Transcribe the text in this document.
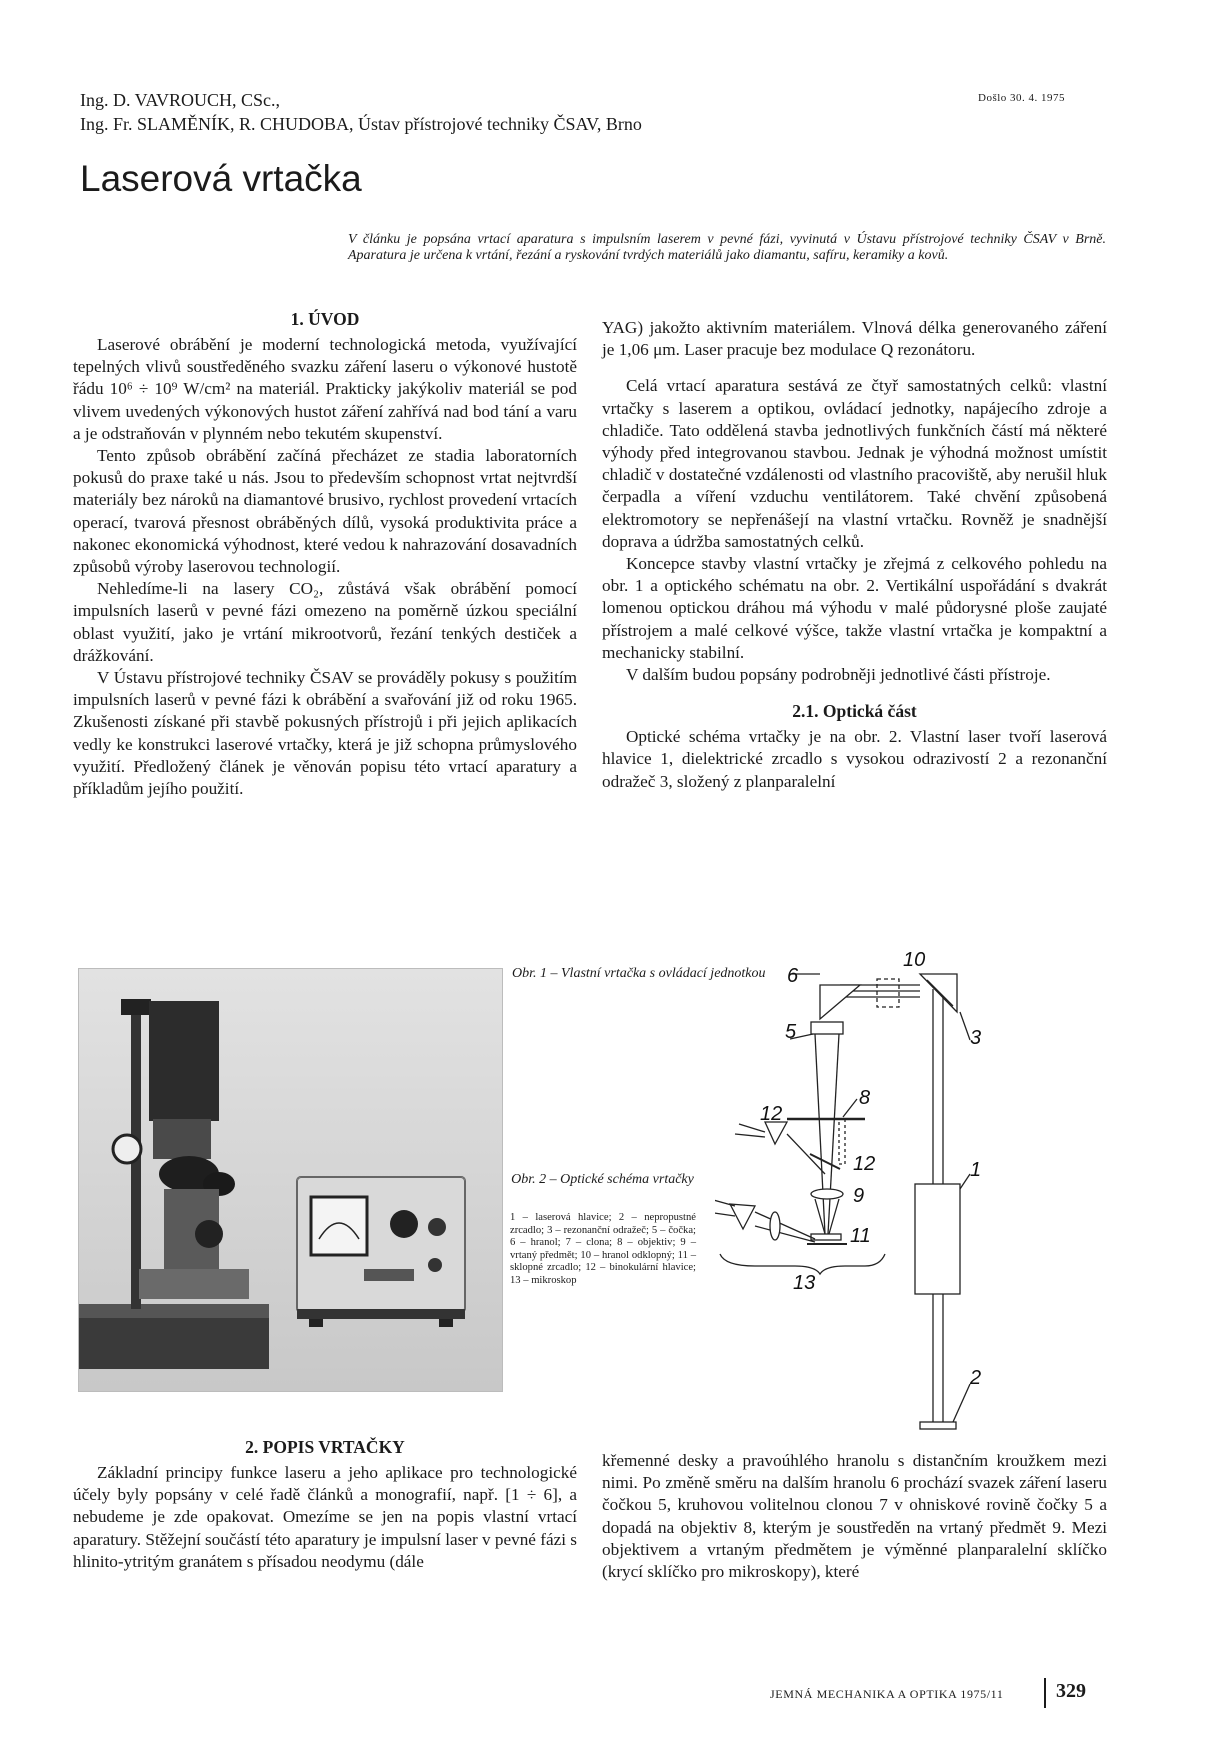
Ing. D. VAVROUCH, CSc.,
Ing. Fr. SLAMĚNÍK, R. CHUDOBA, Ústav přístrojové techniky ČSAV, Brno
Došlo 30. 4. 1975
Laserová vrtačka
V článku je popsána vrtací aparatura s impulsním laserem v pevné fázi, vyvinutá v Ústavu přístrojové techniky ČSAV v Brně. Aparatura je určena k vrtání, řezání a ryskování tvrdých materiálů jako diamantu, safíru, keramiky a kovů.
1. ÚVOD

Laserové obrábění je moderní technologická metoda, využívající tepelných vlivů soustředěného svazku záření laseru o výkonové hustotě řádu 10⁶ ÷ 10⁹ W/cm² na materiál. Prakticky jakýkoliv materiál se pod vlivem uvedených výkonových hustot záření zahřívá nad bod tání a varu a je odstraňován v plynném nebo tekutém skupenství.

Tento způsob obrábění začíná přecházet ze stadia laboratorních pokusů do praxe také u nás. Jsou to především schopnost vrtat nejtvrdší materiály bez nároků na diamantové brusivo, rychlost provedení vrtacích operací, tvarová přesnost obráběných dílů, vysoká produktivita práce a nakonec ekonomická výhodnost, které vedou k nahrazování dosavadních způsobů výroby laserovou technologií.

Nehledíme-li na lasery CO₂, zůstává však obrábění pomocí impulsních laserů v pevné fázi omezeno na poměrně úzkou speciální oblast využití, jako je vrtání mikrootvorů, řezání tenkých destiček a drážkování.

V Ústavu přístrojové techniky ČSAV se prováděly pokusy s použitím impulsních laserů v pevné fázi k obrábění a svařování již od roku 1965. Zkušenosti získané při stavbě pokusných přístrojů i při jejich aplikacích vedly ke konstrukci laserové vrtačky, která je již schopna průmyslového využití. Předložený článek je věnován popisu této vrtací aparatury a příkladům jejího použití.

YAG) jakožto aktivním materiálem. Vlnová délka generovaného záření je 1,06 μm. Laser pracuje bez modulace Q rezonátoru.

Celá vrtací aparatura sestává ze čtyř samostatných celků: vlastní vrtačky s laserem a optikou, ovládací jednotky, napájecího zdroje a chladiče. Tato oddělená stavba jednotlivých funkčních částí má některé výhody před integrovanou stavbou. Jednak je výhodná možnost umístit chladič v dostatečné vzdálenosti od vlastního pracoviště, aby nerušil hluk čerpadla a víření vzduchu ventilátorem. Také chvění způsobená elektromotory se nepřenášejí na vlastní vrtačku. Rovněž je snadnější doprava a údržba samostatných celků.

Koncepce stavby vlastní vrtačky je zřejmá z celkového pohledu na obr. 1 a optického schématu na obr. 2. Vertikální uspořádání s dvakrát lomenou optickou dráhou má výhodu v malé půdorysné ploše zaujaté přístrojem a malé celkové výšce, takže vlastní vrtačka je kompaktní a mechanicky stabilní.

V dalším budou popsány podrobněji jednotlivé části přístroje.

2.1. Optická část

Optické schéma vrtačky je na obr. 2. Vlastní laser tvoří laserová hlavice 1, dielektrické zrcadlo s vysokou odrazivostí 2 a rezonanční odražeč 3, složený z planparalelní

Obr. 1 – Vlastní vrtačka s ovládací jednotkou
Obr. 2 – Optické schéma vrtačky
1 – laserová hlavice; 2 – nepropustné zrcadlo; 3 – rezonanční odražeč; 5 – čočka; 6 – hranol; 7 – clona; 8 – objektiv; 9 – vrtaný předmět; 10 – hranol odklopný; 11 – sklopné zrcadlo; 12 – binokulární hlavice; 13 – mikroskop
10
6
5	3
8
1
12
12
9
11
13
2
2. POPIS VRTAČKY

Základní principy funkce laseru a jeho aplikace pro technologické účely byly popsány v celé řadě článků a monografií, např. [1 ÷ 6], a nebudeme je zde opakovat. Omezíme se jen na popis vlastní vrtací aparatury. Stěžejní součástí této aparatury je impulsní laser v pevné fázi s hlinito-ytritým granátem s přísadou neodymu (dále

křemenné desky a pravoúhlého hranolu s distančním kroužkem mezi nimi. Po změně směru na dalším hranolu 6 prochází svazek záření laseru čočkou 5, kruhovou volitelnou clonou 7 v ohniskové rovině čočky 5 a dopadá na objektiv 8, kterým je soustředěn na vrtaný předmět 9. Mezi objektivem a vrtaným předmětem je výměnné planparalelní sklíčko (krycí sklíčko pro mikroskopy), které

JEMNÁ MECHANIKA A OPTIKA 1975/11	329
